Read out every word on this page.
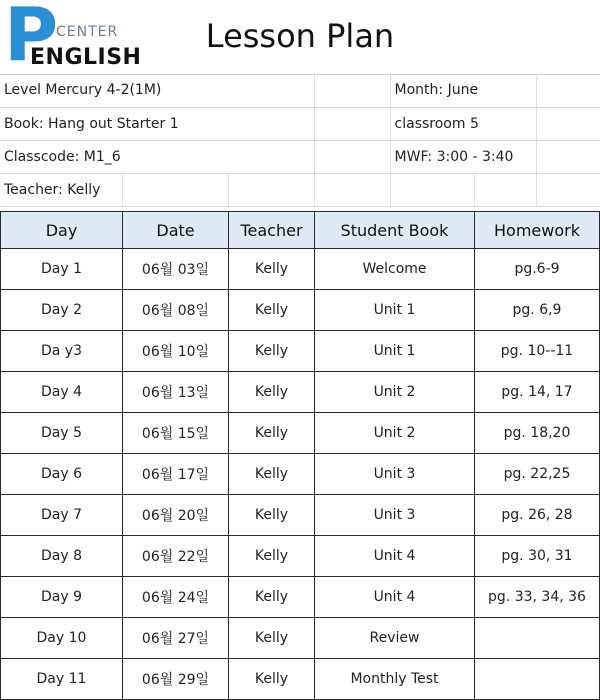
P
CENTER
ENGLISH
Lesson Plan
Level Mercury 4-2(1M)				Month: June		
Book: Hang out Starter 1				classroom 5		
Classcode: M1_6				MWF: 3:00 - 3:40		
Teacher: Kelly						
Day	Date	Teacher	Student Book	Homework
Day 1	06월 03일	Kelly	Welcome	pg.6-9
Day 2	06월 08일	Kelly	Unit 1	pg. 6,9
Da y3	06월 10일	Kelly	Unit 1	pg. 10--11
Day 4	06월 13일	Kelly	Unit 2	pg. 14, 17
Day 5	06월 15일	Kelly	Unit 2	pg. 18,20
Day 6	06월 17일	Kelly	Unit 3	pg. 22,25
Day 7	06월 20일	Kelly	Unit 3	pg. 26, 28
Day 8	06월 22일	Kelly	Unit 4	pg. 30, 31
Day 9	06월 24일	Kelly	Unit 4	pg. 33, 34, 36
Day 10	06월 27일	Kelly	Review	
Day 11	06월 29일	Kelly	Monthly Test	
